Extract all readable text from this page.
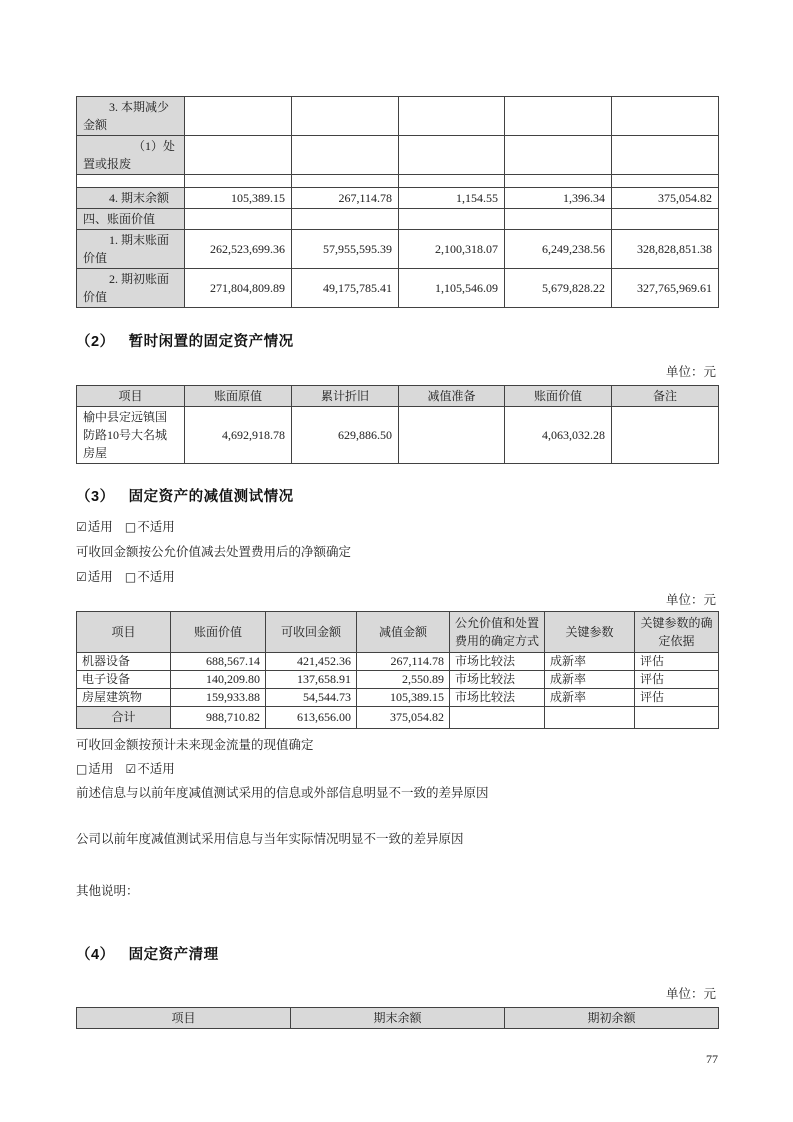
3. 本期减少金额					
（1）处置或报废					

4. 期末余额	105,389.15	267,114.78	1,154.55	1,396.34	375,054.82
四、账面价值					
1. 期末账面价值	262,523,699.36	57,955,595.39	2,100,318.07	6,249,238.56	328,828,851.38
2. 期初账面价值	271,804,809.89	49,175,785.41	1,105,546.09	5,679,828.22	327,765,969.61
（2） 暂时闲置的固定资产情况
单位：元
项目	账面原值	累计折旧	减值准备	账面价值	备注
榆中县定远镇国防路10号大名城房屋	4,692,918.78	629,886.50		4,063,032.28	
（3） 固定资产的减值测试情况
☑适用 □不适用
可收回金额按公允价值减去处置费用后的净额确定
☑适用 □不适用
单位：元
项目	账面价值	可收回金额	减值金额	公允价值和处置费用的确定方式	关键参数	关键参数的确定依据
机器设备	688,567.14	421,452.36	267,114.78	市场比较法	成新率	评估
电子设备	140,209.80	137,658.91	2,550.89	市场比较法	成新率	评估
房屋建筑物	159,933.88	54,544.73	105,389.15	市场比较法	成新率	评估
合计	988,710.82	613,656.00	375,054.82			
可收回金额按预计未来现金流量的现值确定
□适用 ☑不适用
前述信息与以前年度减值测试采用的信息或外部信息明显不一致的差异原因
公司以前年度减值测试采用信息与当年实际情况明显不一致的差异原因
其他说明：
（4） 固定资产清理
单位：元
项目	期末余额	期初余额
77
